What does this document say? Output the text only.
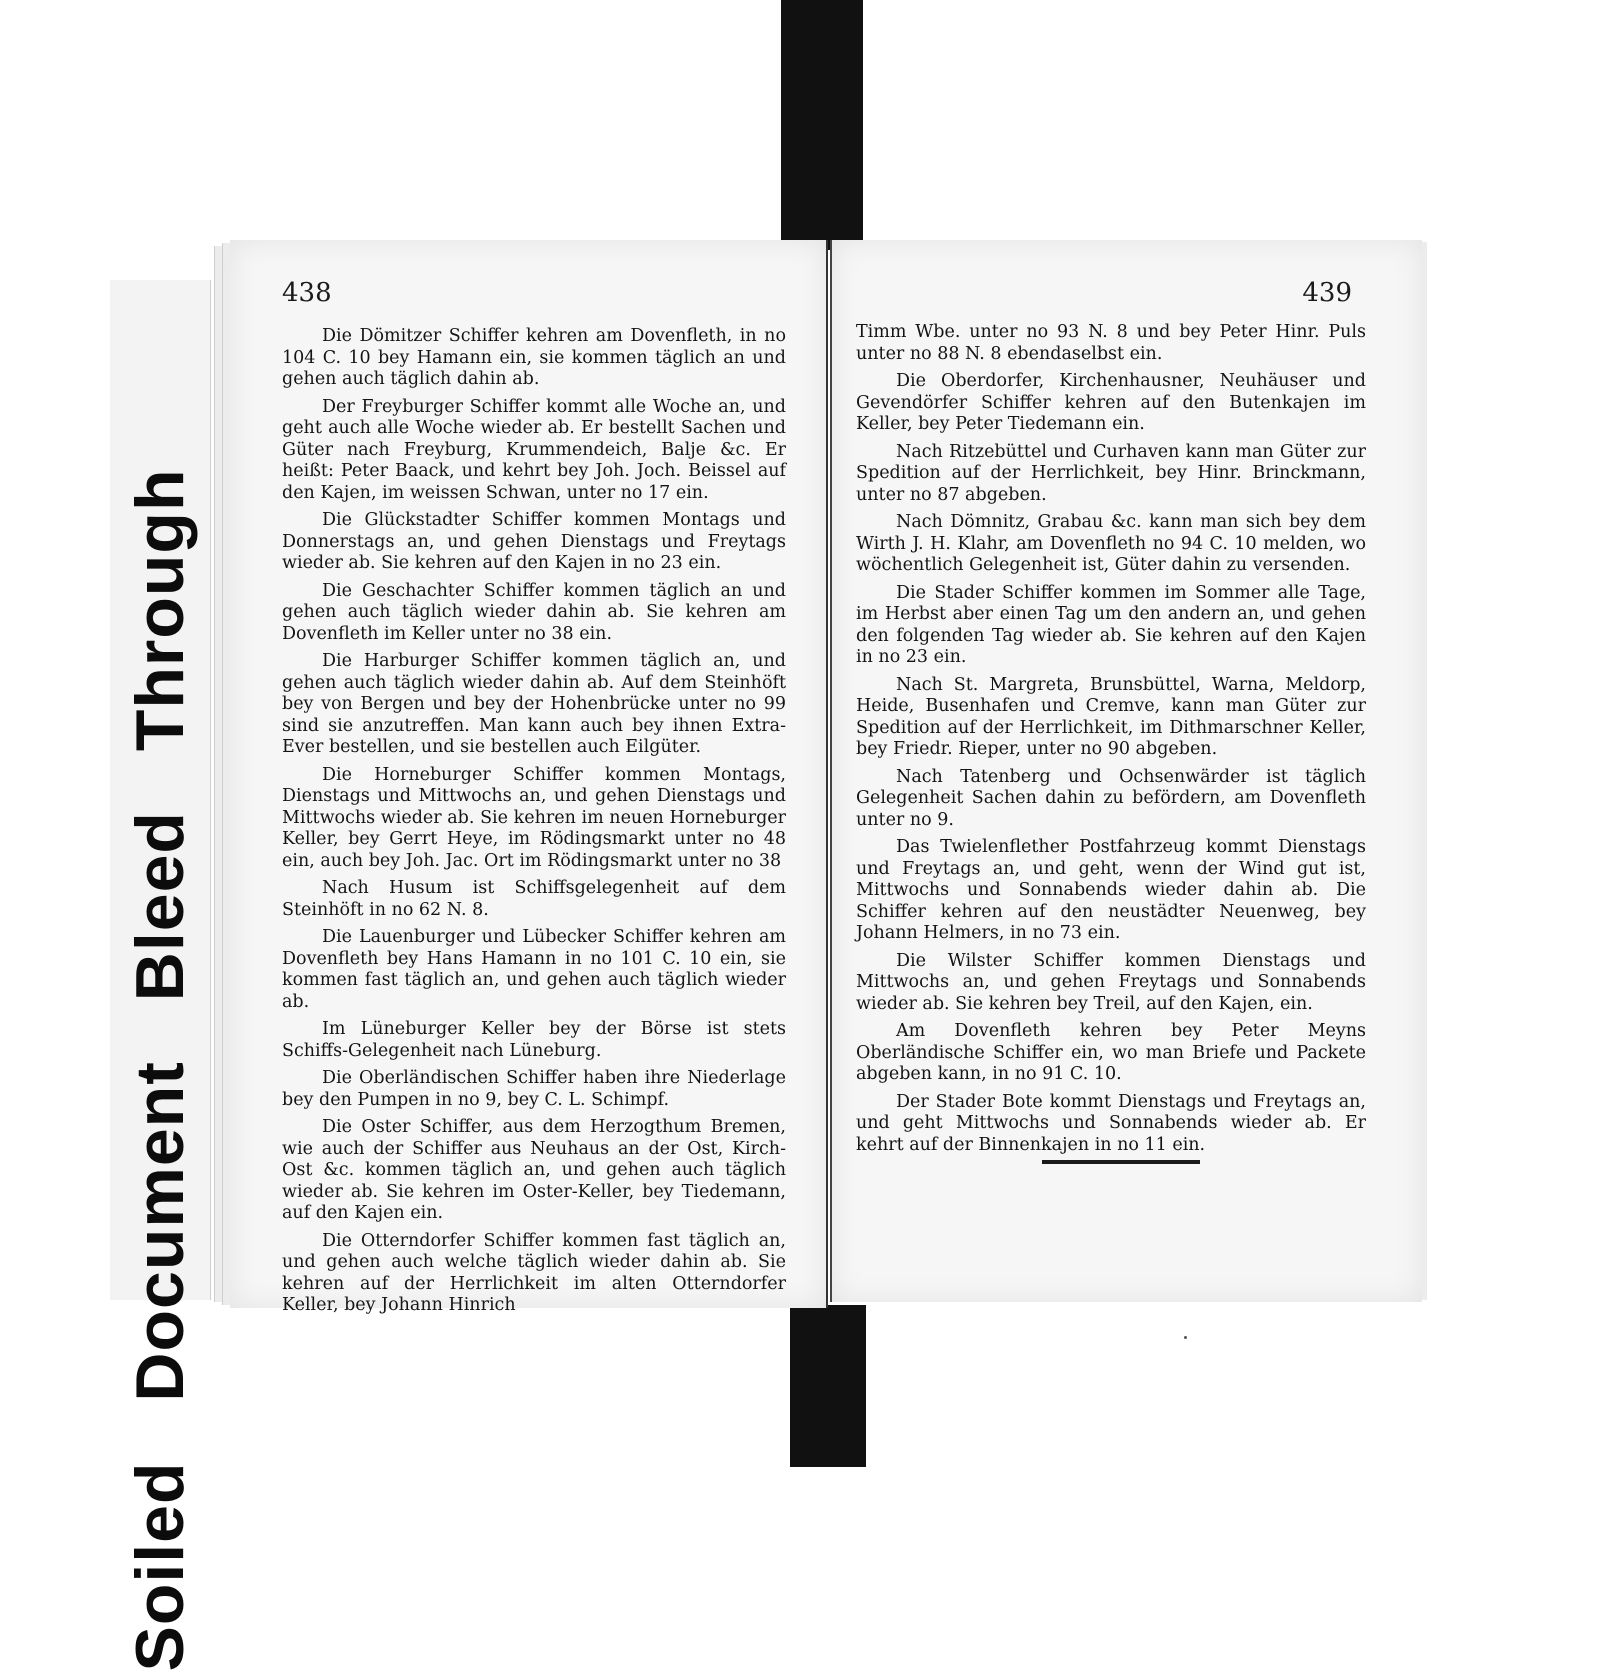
Soiled Document Bleed Through
438

Die Dömitzer Schiffer kehren am Dovenfleth, in no 104 C. 10 bey Hamann ein, sie kommen täglich an und gehen auch täglich dahin ab.

Der Freyburger Schiffer kommt alle Woche an, und geht auch alle Woche wieder ab. Er bestellt Sachen und Güter nach Freyburg, Krummendeich, Balje &c. Er heißt: Peter Baack, und kehrt bey Joh. Joch. Beissel auf den Kajen, im weissen Schwan, unter no 17 ein.

Die Glückstadter Schiffer kommen Montags und Donnerstags an, und gehen Dienstags und Freytags wieder ab. Sie kehren auf den Kajen in no 23 ein.

Die Geschachter Schiffer kommen täglich an und gehen auch täglich wieder dahin ab. Sie kehren am Dovenfleth im Keller unter no 38 ein.

Die Harburger Schiffer kommen täglich an, und gehen auch täglich wieder dahin ab. Auf dem Steinhöft bey von Bergen und bey der Hohenbrücke unter no 99 sind sie anzutreffen. Man kann auch bey ihnen Extra-Ever bestellen, und sie bestellen auch Eilgüter.

Die Horneburger Schiffer kommen Montags, Dienstags und Mittwochs an, und gehen Dienstags und Mittwochs wieder ab. Sie kehren im neuen Horneburger Keller, bey Gerrt Heye, im Rödingsmarkt unter no 48 ein, auch bey Joh. Jac. Ort im Rödingsmarkt unter no 38

Nach Husum ist Schiffsgelegenheit auf dem Steinhöft in no 62 N. 8.

Die Lauenburger und Lübecker Schiffer kehren am Dovenfleth bey Hans Hamann in no 101 C. 10 ein, sie kommen fast täglich an, und gehen auch täglich wieder ab.

Im Lüneburger Keller bey der Börse ist stets Schiffs-Gelegenheit nach Lüneburg.

Die Oberländischen Schiffer haben ihre Niederlage bey den Pumpen in no 9, bey C. L. Schimpf.

Die Oster Schiffer, aus dem Herzogthum Bremen, wie auch der Schiffer aus Neuhaus an der Ost, Kirch-Ost &c. kommen täglich an, und gehen auch täglich wieder ab. Sie kehren im Oster-Keller, bey Tiedemann, auf den Kajen ein.

Die Otterndorfer Schiffer kommen fast täglich an, und gehen auch welche täglich wieder dahin ab. Sie kehren auf der Herrlichkeit im alten Otterndorfer Keller, bey Johann Hinrich

439

Timm Wbe. unter no 93 N. 8 und bey Peter Hinr. Puls unter no 88 N. 8 ebendaselbst ein.

Die Oberdorfer, Kirchenhausner, Neuhäuser und Gevendörfer Schiffer kehren auf den Butenkajen im Keller, bey Peter Tiedemann ein.

Nach Ritzebüttel und Curhaven kann man Güter zur Spedition auf der Herrlichkeit, bey Hinr. Brinckmann, unter no 87 abgeben.

Nach Dömnitz, Grabau &c. kann man sich bey dem Wirth J. H. Klahr, am Dovenfleth no 94 C. 10 melden, wo wöchentlich Gelegenheit ist, Güter dahin zu versenden.

Die Stader Schiffer kommen im Sommer alle Tage, im Herbst aber einen Tag um den andern an, und gehen den folgenden Tag wieder ab. Sie kehren auf den Kajen in no 23 ein.

Nach St. Margreta, Brunsbüttel, Warna, Meldorp, Heide, Busenhafen und Cremve, kann man Güter zur Spedition auf der Herrlichkeit, im Dithmarschner Keller, bey Friedr. Rieper, unter no 90 abgeben.

Nach Tatenberg und Ochsenwärder ist täglich Gelegenheit Sachen dahin zu befördern, am Dovenfleth unter no 9.

Das Twielenflether Postfahrzeug kommt Dienstags und Freytags an, und geht, wenn der Wind gut ist, Mittwochs und Sonnabends wieder dahin ab. Die Schiffer kehren auf den neustädter Neuenweg, bey Johann Helmers, in no 73 ein.

Die Wilster Schiffer kommen Dienstags und Mittwochs an, und gehen Freytags und Sonnabends wieder ab. Sie kehren bey Treil, auf den Kajen, ein.

Am Dovenfleth kehren bey Peter Meyns Oberländische Schiffer ein, wo man Briefe und Packete abgeben kann, in no 91 C. 10.

Der Stader Bote kommt Dienstags und Freytags an, und geht Mittwochs und Sonnabends wieder ab. Er kehrt auf der Binnenkajen in no 11 ein.
